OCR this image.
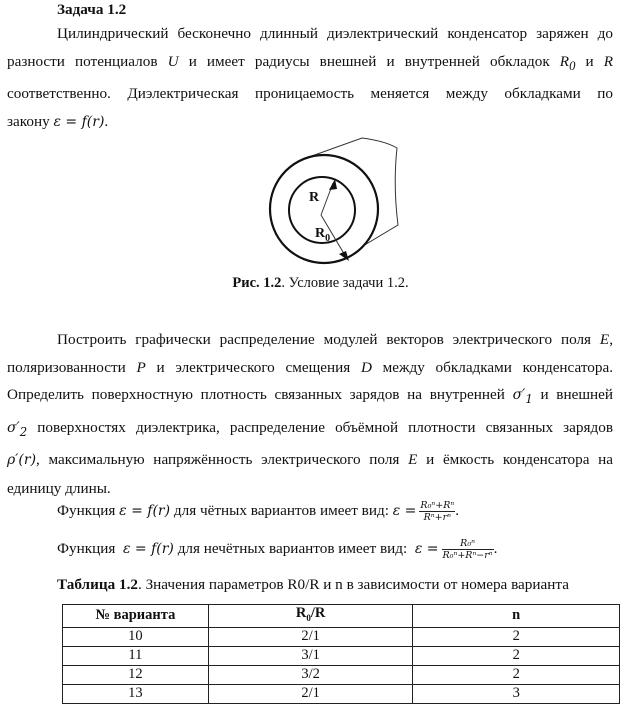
Задача 1.2
Цилиндрический бесконечно длинный диэлектрический конденсатор заряжен до
разности потенциалов U и имеет радиусы внешней и внутренней обкладок $R_0$ и R
соответственно. Диэлектрическая проницаемость меняется между обкладками по
закону ε = f(r).
R
$R_0$
Рис. 1.2. Условие задачи 1.2.
Построить графически распределение модулей векторов электрического поля E,
поляризованности P и электрического смещения D между обкладками конденсатора.
Определить поверхностную плотность связанных зарядов на внутренней $\sigma'_1$ и внешней
$\sigma'_2$ поверхностях диэлектрика, распределение объёмной плотности связанных зарядов
ρ′(r), максимальную напряжённость электрического поля E и ёмкость конденсатора на
единицу длины.
Функция ε = f(r) для чётных вариантов имеет вид: $\varepsilon = \frac{\text{R₀ⁿ+Rⁿ}}{\text{Rⁿ+rⁿ}}$ .
Функция ε = f(r) для нечётных вариантов имеет вид: $\varepsilon = \frac{\text{R₀ⁿ}}{\text{R₀ⁿ+Rⁿ−rⁿ}}$ .
Таблица 1.2. Значения параметров R0/R и n в зависимости от номера варианта
№ варианта	$R_0/R$	n
10	2/1	2
11	3/1	2
12	3/2	2
13	2/1	3
